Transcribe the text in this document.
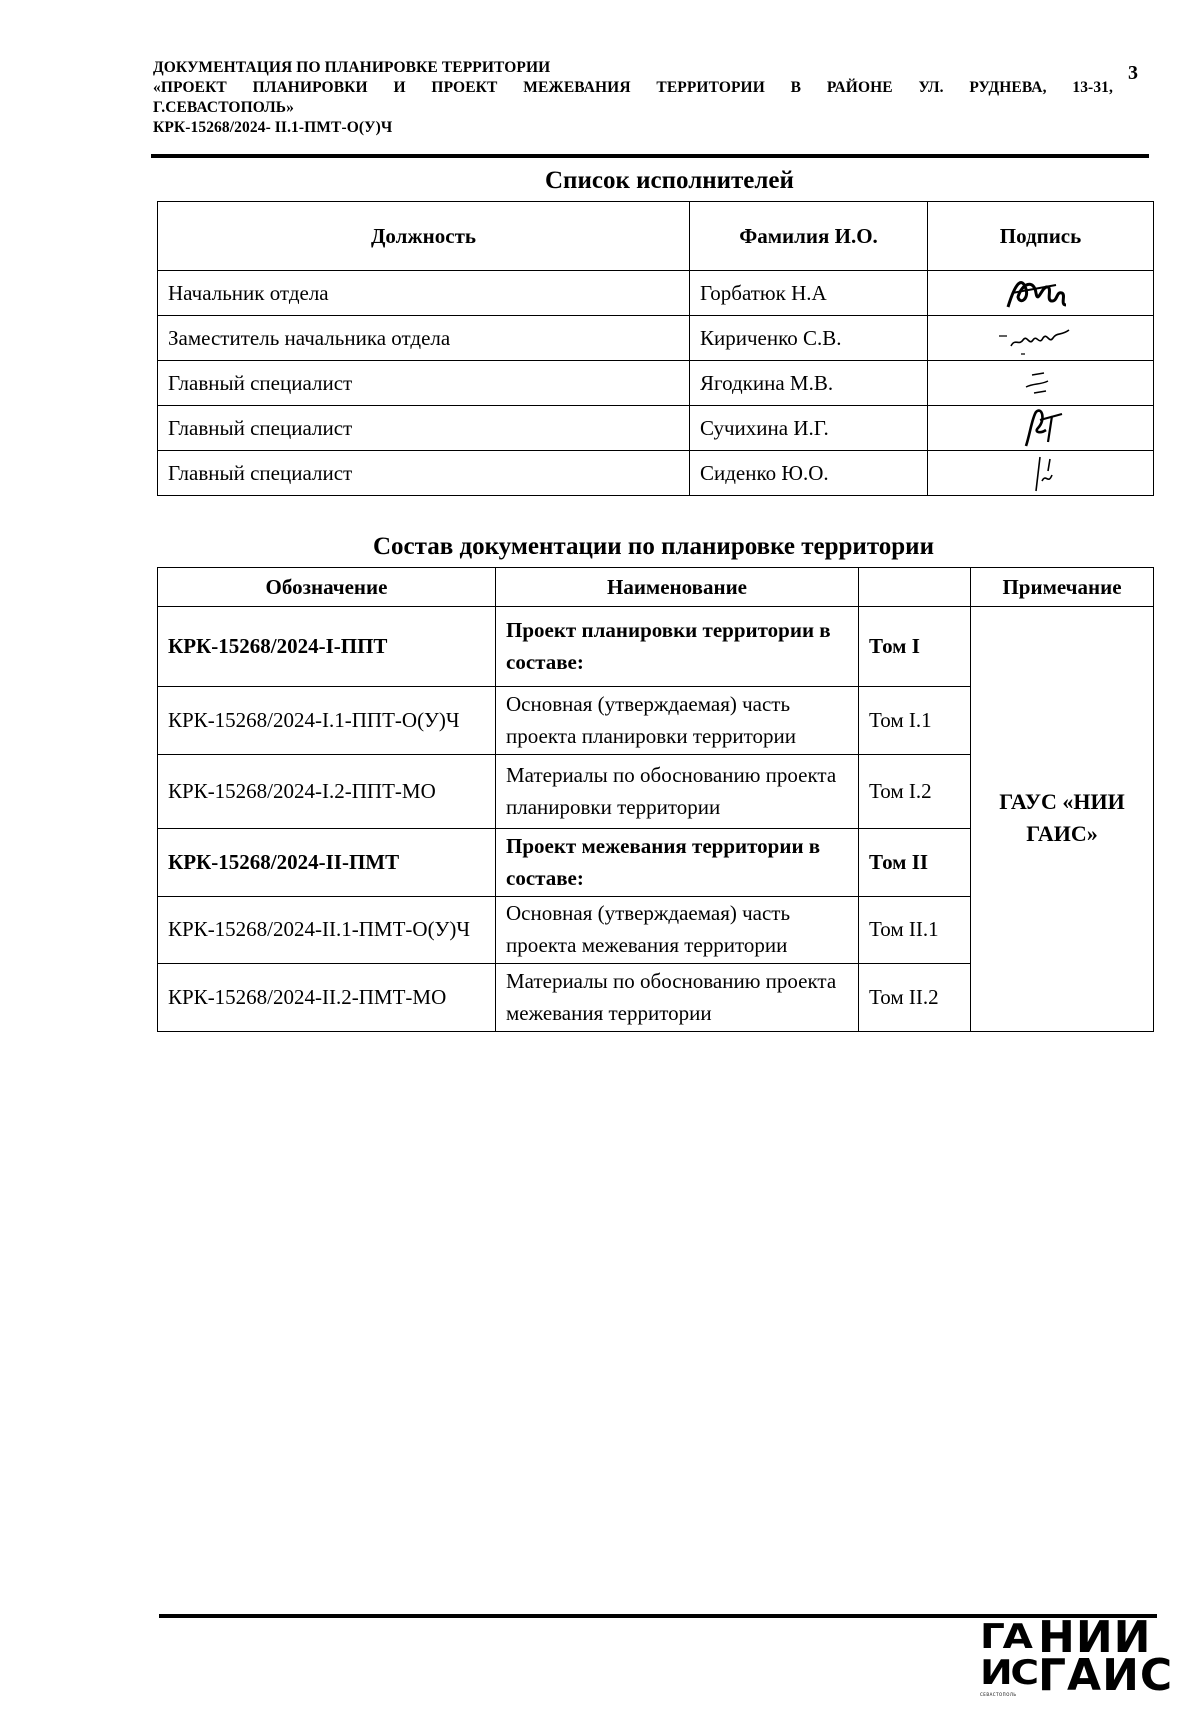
ДОКУМЕНТАЦИЯ ПО ПЛАНИРОВКЕ ТЕРРИТОРИИ
«ПРОЕКТ ПЛАНИРОВКИ И ПРОЕКТ МЕЖЕВАНИЯ ТЕРРИТОРИИ В РАЙОНЕ УЛ. РУДНЕВА, 13-31,
Г.СЕВАСТОПОЛЬ»
КРК-15268/2024- II.1-ПМТ-О(У)Ч
3
Список исполнителей
Должность	Фамилия И.О.	Подпись
Начальник отдела	Горбатюк Н.А	

Заместитель начальника отдела	Кириченко С.В.	

Главный специалист	Ягодкина М.В.	

Главный специалист	Сучихина И.Г.	

Главный специалист	Сиденко Ю.О.	
Состав документации по планировке территории
Обозначение	Наименование		Примечание
КРК-15268/2024-I-ППТ	Проект планировки территории в составе:	Том I	ГАУС «НИИ ГАИС»
КРК-15268/2024-I.1-ППТ-О(У)Ч	Основная (утверждаемая) часть проекта планировки территории	Том I.1	
КРК-15268/2024-I.2-ППТ-МО	Материалы по обоснованию проекта планировки территории	Том I.2	
КРК-15268/2024-II-ПМТ	Проект межевания территории в составе:	Том II	
КРК-15268/2024-II.1-ПМТ-О(У)Ч	Основная (утверждаемая) часть проекта межевания территории	Том II.1	
КРК-15268/2024-II.2-ПМТ-МО	Материалы по обоснованию проекта межевания территории	Том II.2	
ГА
ИС
НИИ
ГАИС
СЕВАСТОПОЛЬ
